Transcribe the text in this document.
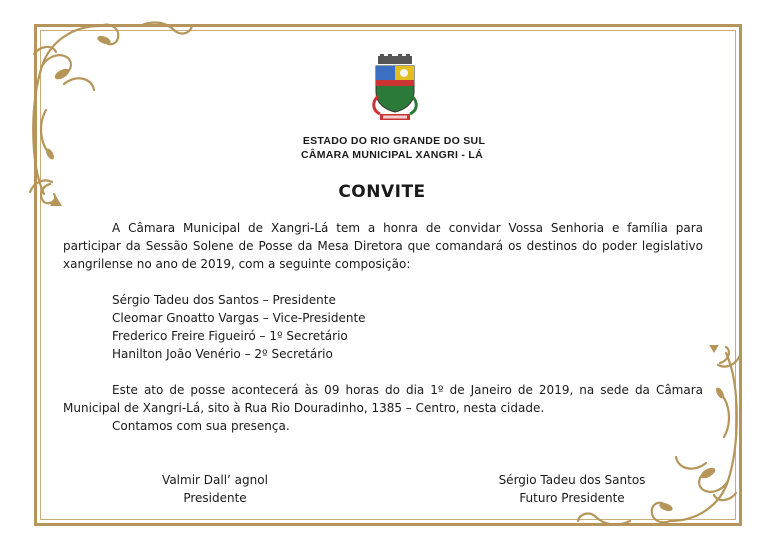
ESTADO DO RIO GRANDE DO SUL
CÂMARA MUNICIPAL XANGRI - LÁ
CONVITE
A Câmara Municipal de Xangri-Lá tem a honra de convidar Vossa Senhoria e família para participar da Sessão Solene de Posse da Mesa Diretora que comandará os destinos do poder legislativo xangrilense no ano de 2019, com a seguinte composição:
Sérgio Tadeu dos Santos – Presidente
Cleomar Gnoatto Vargas – Vice-Presidente
Frederico Freire Figueiró – 1º Secretário
Hanilton João Venério – 2º Secretário
Este ato de posse acontecerá às 09 horas do dia 1º de Janeiro de 2019, na sede da Câmara Municipal de Xangri-Lá, sito à Rua Rio Douradinho, 1385 – Centro, nesta cidade.
Contamos com sua presença.
Valmir Dall’ agnol
Presidente
Sérgio Tadeu dos Santos
Futuro Presidente
